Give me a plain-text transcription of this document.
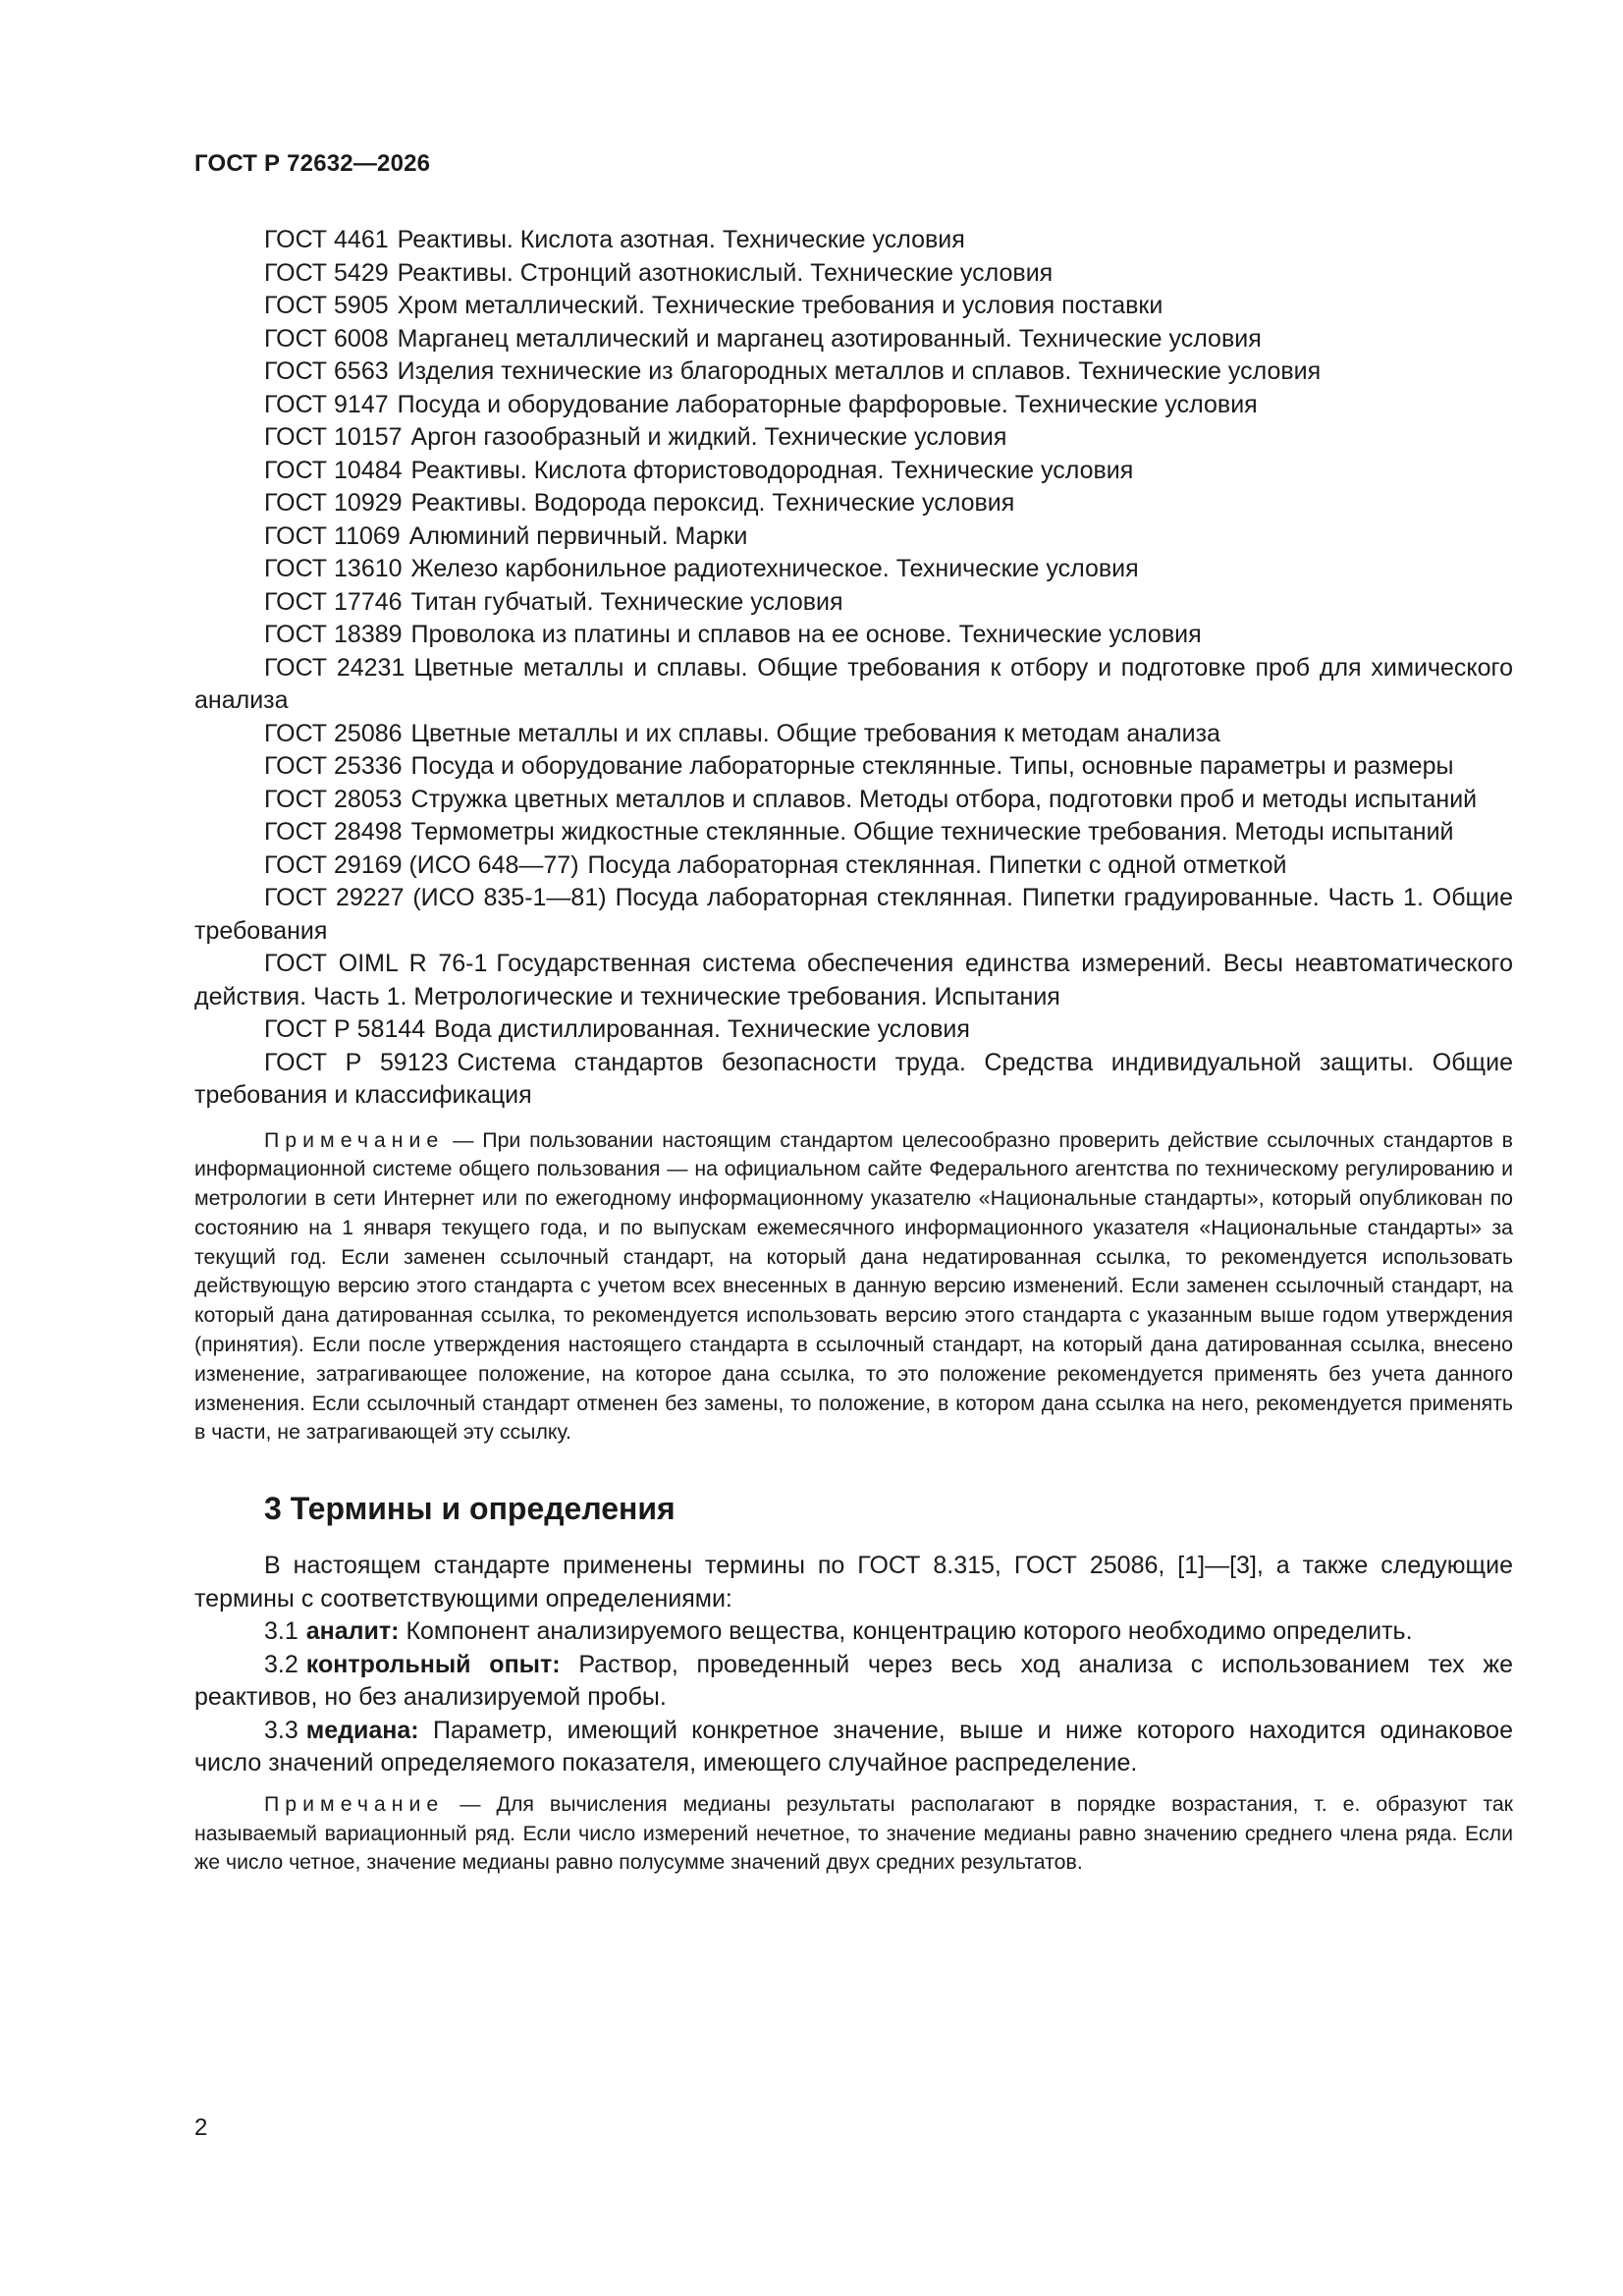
ГОСТ Р 72632—2026
ГОСТ 4461 Реактивы. Кислота азотная. Технические условия
ГОСТ 5429 Реактивы. Стронций азотнокислый. Технические условия
ГОСТ 5905 Хром металлический. Технические требования и условия поставки
ГОСТ 6008 Марганец металлический и марганец азотированный. Технические условия
ГОСТ 6563 Изделия технические из благородных металлов и сплавов. Технические условия
ГОСТ 9147 Посуда и оборудование лабораторные фарфоровые. Технические условия
ГОСТ 10157 Аргон газообразный и жидкий. Технические условия
ГОСТ 10484 Реактивы. Кислота фтористоводородная. Технические условия
ГОСТ 10929 Реактивы. Водорода пероксид. Технические условия
ГОСТ 11069 Алюминий первичный. Марки
ГОСТ 13610 Железо карбонильное радиотехническое. Технические условия
ГОСТ 17746 Титан губчатый. Технические условия
ГОСТ 18389 Проволока из платины и сплавов на ее основе. Технические условия
ГОСТ 24231 Цветные металлы и сплавы. Общие требования к отбору и подготовке проб для химического анализа
ГОСТ 25086 Цветные металлы и их сплавы. Общие требования к методам анализа
ГОСТ 25336 Посуда и оборудование лабораторные стеклянные. Типы, основные параметры и размеры
ГОСТ 28053 Стружка цветных металлов и сплавов. Методы отбора, подготовки проб и методы испытаний
ГОСТ 28498 Термометры жидкостные стеклянные. Общие технические требования. Методы испытаний
ГОСТ 29169 (ИСО 648—77) Посуда лабораторная стеклянная. Пипетки с одной отметкой
ГОСТ 29227 (ИСО 835-1—81) Посуда лабораторная стеклянная. Пипетки градуированные. Часть 1. Общие требования
ГОСТ OIML R 76-1 Государственная система обеспечения единства измерений. Весы неавтоматического действия. Часть 1. Метрологические и технические требования. Испытания
ГОСТ Р 58144 Вода дистиллированная. Технические условия
ГОСТ Р 59123 Система стандартов безопасности труда. Средства индивидуальной защиты. Общие требования и классификация

Примечание — При пользовании настоящим стандартом целесообразно проверить действие ссылочных стандартов в информационной системе общего пользования — на официальном сайте Федерального агентства по техническому регулированию и метрологии в сети Интернет или по ежегодному информационному указателю «Национальные стандарты», который опубликован по состоянию на 1 января текущего года, и по выпускам ежемесячного информационного указателя «Национальные стандарты» за текущий год. Если заменен ссылочный стандарт, на который дана недатированная ссылка, то рекомендуется использовать действующую версию этого стандарта с учетом всех внесенных в данную версию изменений. Если заменен ссылочный стандарт, на который дана датированная ссылка, то рекомендуется использовать версию этого стандарта с указанным выше годом утверждения (принятия). Если после утверждения настоящего стандарта в ссылочный стандарт, на который дана датированная ссылка, внесено изменение, затрагивающее положение, на которое дана ссылка, то это положение рекомендуется применять без учета данного изменения. Если ссылочный стандарт отменен без замены, то положение, в котором дана ссылка на него, рекомендуется применять в части, не затрагивающей эту ссылку.

3 Термины и определения

В настоящем стандарте применены термины по ГОСТ 8.315, ГОСТ 25086, [1]—[3], а также следующие термины с соответствующими определениями:

3.1 аналит: Компонент анализируемого вещества, концентрацию которого необходимо определить.

3.2 контрольный опыт: Раствор, проведенный через весь ход анализа с использованием тех же реактивов, но без анализируемой пробы.

3.3 медиана: Параметр, имеющий конкретное значение, выше и ниже которого находится одинаковое число значений определяемого показателя, имеющего случайное распределение.

Примечание — Для вычисления медианы результаты располагают в порядке возрастания, т. е. образуют так называемый вариационный ряд. Если число измерений нечетное, то значение медианы равно значению среднего члена ряда. Если же число четное, значение медианы равно полусумме значений двух средних результатов.

2
